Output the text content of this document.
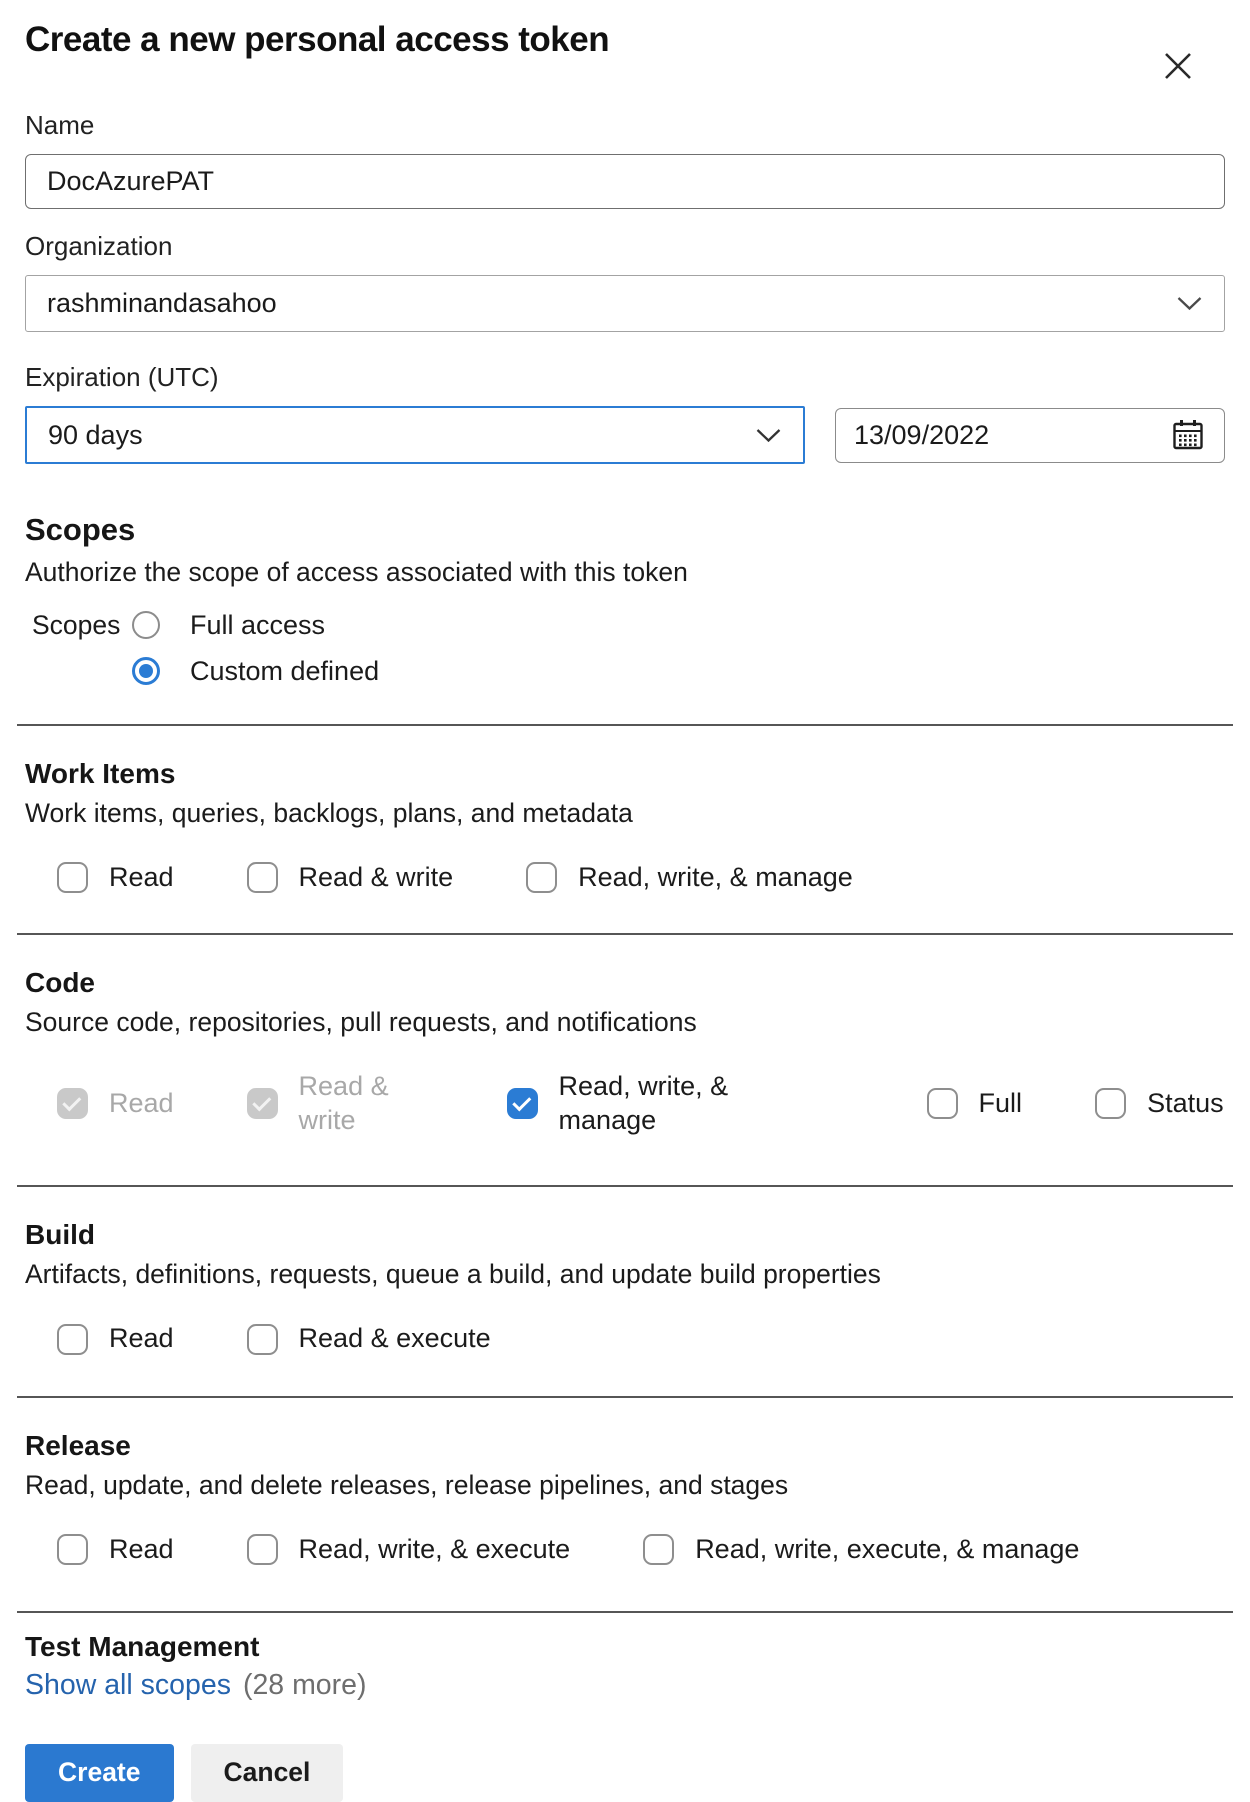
Create a new personal access token
Name
DocAzurePAT
Organization
rashminandasahoo
Expiration (UTC)
90 days	13/09/2022
Scopes
Authorize the scope of access associated with this token
Scopes	Full access
Custom defined
Work Items
Work items, queries, backlogs, plans, and metadata
Read	Read & write	Read, write, & manage
Code
Source code, repositories, pull requests, and notifications
Read
Read & write
Read, write, & manage
Full	Status
Build
Artifacts, definitions, requests, queue a build, and update build properties
Read	Read & execute
Release
Read, update, and delete releases, release pipelines, and stages
Read	Read, write, & execute	Read, write, execute, & manage
Test Management
Show all scopes (28 more)
Create	Cancel
